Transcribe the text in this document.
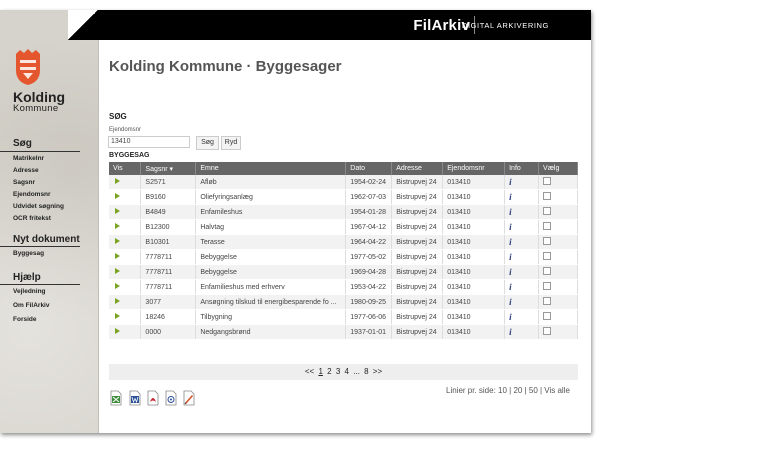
Kolding
Kommune
Søg
Matrikelnr
Adresse
Sagsnr
Ejendomsnr
Udvidet søgning
OCR fritekst
Nyt dokument
Byggesag
Hjælp
Vejledning
Om FilArkiv
Forside
FilArkiv
DIGITAL ARKIVERING
Kolding Kommune · Byggesager
SØG
Ejendomsnr
13410
Søg	Ryd
BYGGESAG
Vis	Sagsnr ▾	Emne	Dato	Adresse	Ejendomsnr	Info	Vælg
	S2571	Afløb	1954-02-24	Bistrupvej 24	013410	i	
	B9160	Oliefyringsanlæg	1962-07-03	Bistrupvej 24	013410	i	
	B4849	Enfamileshus	1954-01-28	Bistrupvej 24	013410	i	
	B12300	Halvtag	1967-04-12	Bistrupvej 24	013410	i	
	B10301	Terasse	1964-04-22	Bistrupvej 24	013410	i	
	7778711	Bebyggelse	1977-05-02	Bistrupvej 24	013410	i	
	7778711	Bebyggelse	1969-04-28	Bistrupvej 24	013410	i	
	7778711	Enfamilieshus med erhverv	1953-04-22	Bistrupvej 24	013410	i	
	3077	Ansøgning tilskud til energibesparende fo ...	1980-09-25	Bistrupvej 24	013410	i	
	18246	Tilbygning	1977-06-06	Bistrupvej 24	013410	i	
	0000	Nedgangsbrønd	1937-01-01	Bistrupvej 24	013410	i	
<< 1 2 3 4 ... 8 >>
Linier pr. side: 10 | 20 | 50 | Vis alle
